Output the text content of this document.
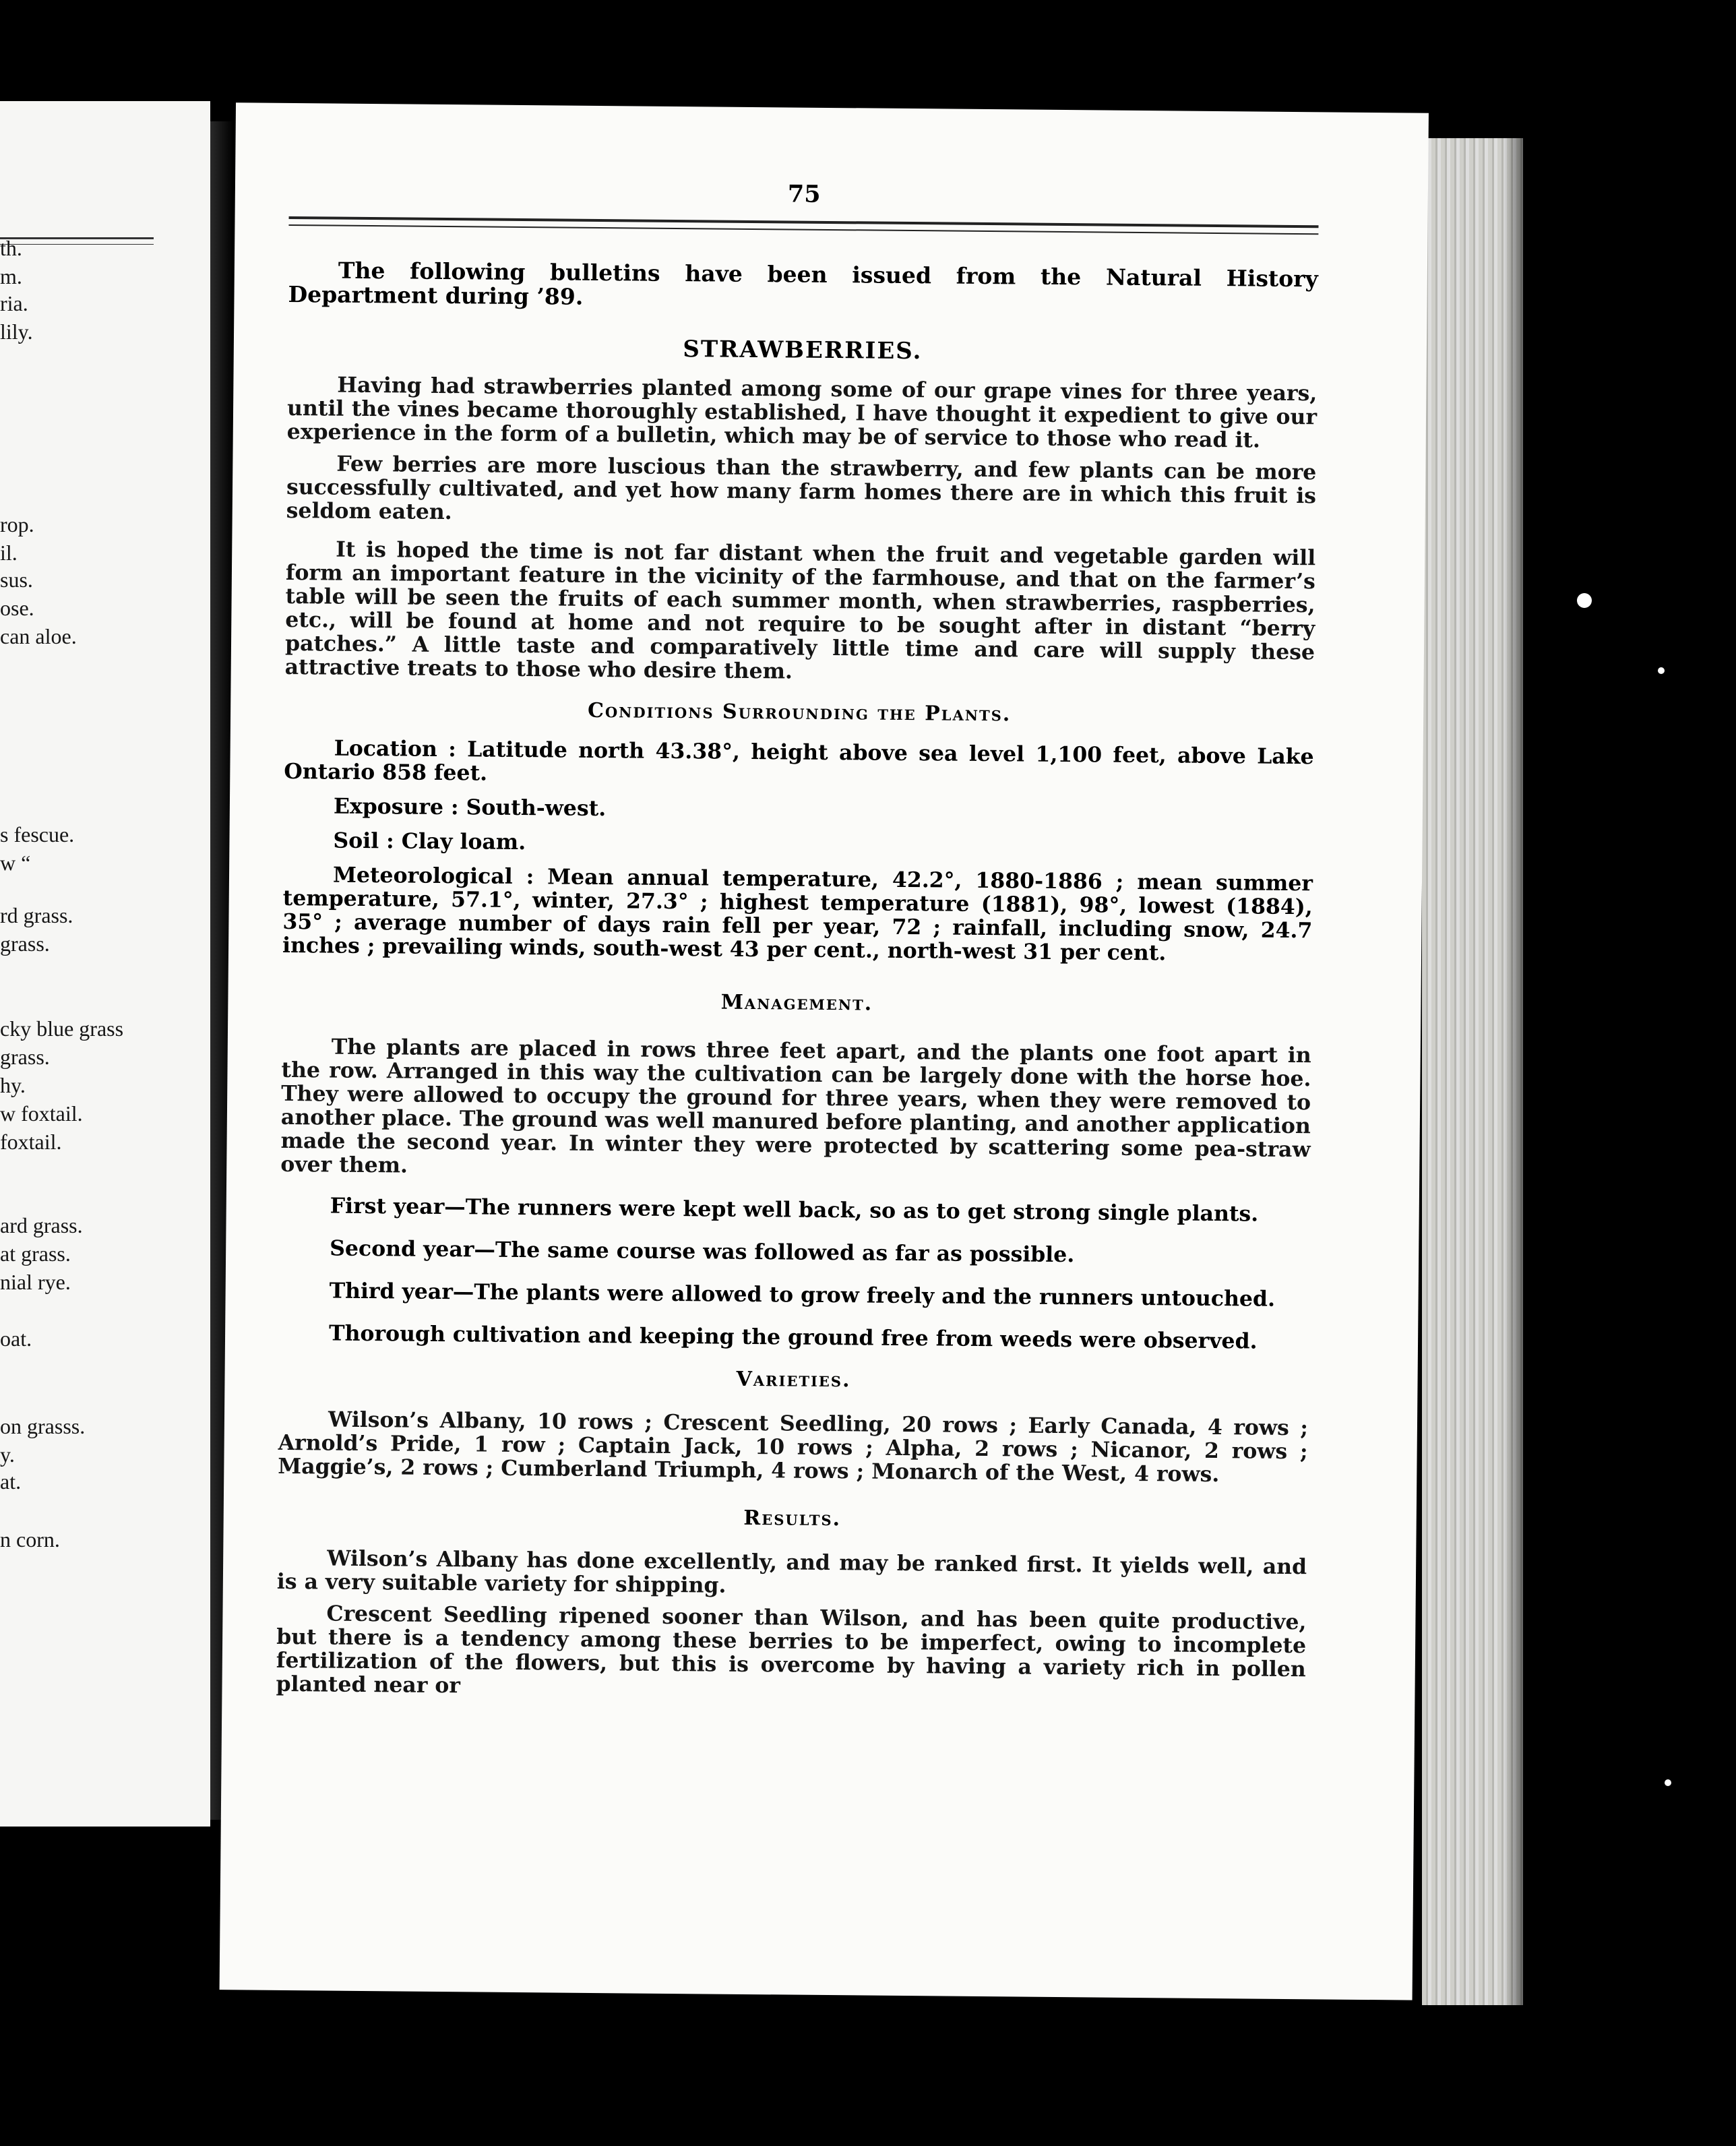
th.
m.
ria.
lily.
rop.
il.
sus.
ose.
can aloe.
s fescue.
w “
rd grass.
grass.
cky blue grass
grass.
hy.
w foxtail.
foxtail.
ard grass.
at grass.
nial rye.
oat.
on grasss.
y.
at.
n corn.
75
The following bulletins have been issued from the Natural History Department during ’89.
STRAWBERRIES.

Having had strawberries planted among some of our grape vines for three years, until the vines became thoroughly established, I have thought it expedient to give our experience in the form of a bulletin, which may be of service to those who read it.

Few berries are more luscious than the strawberry, and few plants can be more successfully cultivated, and yet how many farm homes there are in which this fruit is seldom eaten.

It is hoped the time is not far distant when the fruit and vegetable garden will form an important feature in the vicinity of the farmhouse, and that on the farmer’s table will be seen the fruits of each summer month, when strawberries, raspberries, etc., will be found at home and not require to be sought after in distant “berry patches.” A little taste and comparatively little time and care will supply these attractive treats to those who desire them.

Conditions Surrounding the Plants.

Location : Latitude north 43.38°, height above sea level 1,100 feet, above Lake Ontario 858 feet.

Exposure : South-west.

Soil : Clay loam.

Meteorological : Mean annual temperature, 42.2°, 1880-1886 ; mean summer temperature, 57.1°, winter, 27.3° ; highest temperature (1881), 98°, lowest (1884), 35° ; average number of days rain fell per year, 72 ; rainfall, including snow, 24.7 inches ; prevailing winds, south-west 43 per cent., north-west 31 per cent.

Management.

The plants are placed in rows three feet apart, and the plants one foot apart in the row. Arranged in this way the cultivation can be largely done with the horse hoe. They were allowed to occupy the ground for three years, when they were removed to another place. The ground was well manured before planting, and another application made the second year. In winter they were protected by scattering some pea-straw over them.

First year—The runners were kept well back, so as to get strong single plants.

Second year—The same course was followed as far as possible.

Third year—The plants were allowed to grow freely and the runners untouched.

Thorough cultivation and keeping the ground free from weeds were observed.

Varieties.

Wilson’s Albany, 10 rows ; Crescent Seedling, 20 rows ; Early Canada, 4 rows ; Arnold’s Pride, 1 row ; Captain Jack, 10 rows ; Alpha, 2 rows ; Nicanor, 2 rows ; Maggie’s, 2 rows ; Cumberland Triumph, 4 rows ; Monarch of the West, 4 rows.

Results.

Wilson’s Albany has done excellently, and may be ranked first. It yields well, and is a very suitable variety for shipping.

Crescent Seedling ripened sooner than Wilson, and has been quite productive, but there is a tendency among these berries to be imperfect, owing to incomplete fertilization of the flowers, but this is overcome by having a variety rich in pollen planted near or
